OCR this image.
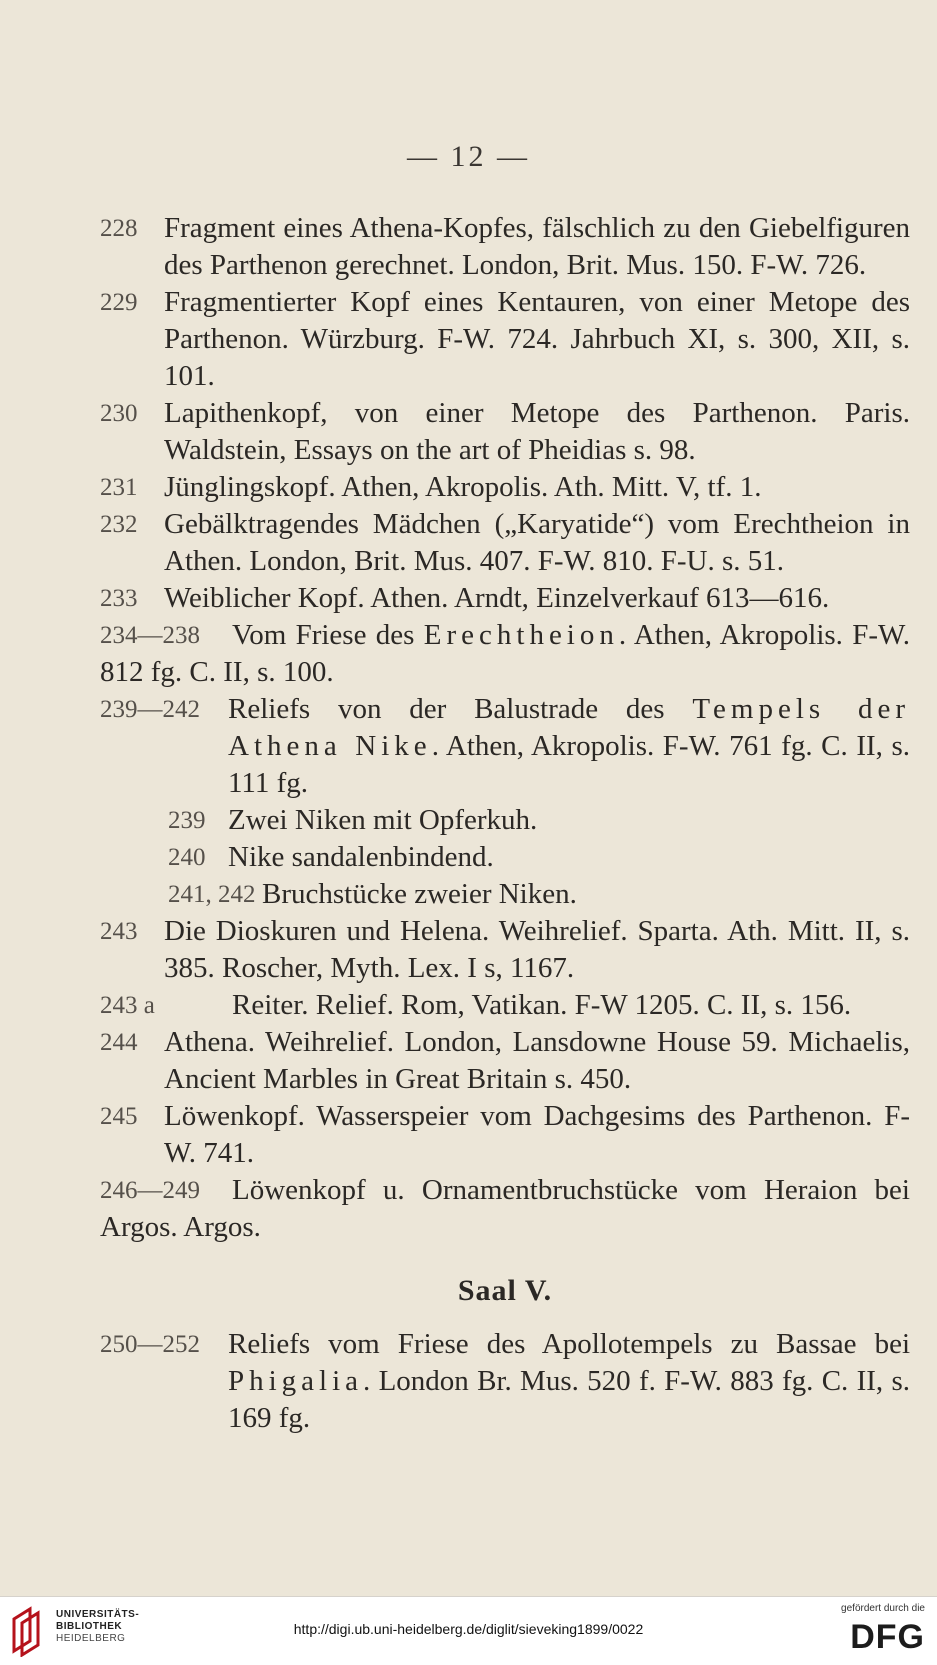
— 12 —
228 Fragment eines Athena-Kopfes, fälschlich zu den Giebelfiguren des Parthenon gerechnet. London, Brit. Mus. 150. F-W. 726.
229 Fragmentierter Kopf eines Kentauren, von einer Metope des Parthenon. Würzburg. F-W. 724. Jahrbuch XI, s. 300, XII, s. 101.
230 Lapithenkopf, von einer Metope des Parthenon. Paris. Waldstein, Essays on the art of Pheidias s. 98.
231 Jünglingskopf. Athen, Akropolis. Ath. Mitt. V, tf. 1.
232 Gebälktragendes Mädchen („Karyatide“) vom Erechtheion in Athen. London, Brit. Mus. 407. F-W. 810. F-U. s. 51.
233 Weiblicher Kopf. Athen. Arndt, Einzelverkauf 613—616.
234—238	Vom Friese des Erechtheion. Athen, Akropolis. F-W. 812 fg. C. II, s. 100.
239—242 Reliefs von der Balustrade des Tempels der Athena Nike. Athen, Akropolis. F-W. 761 fg. C. II, s. 111 fg.
239 Zwei Niken mit Opferkuh.
240 Nike sandalenbindend.
241, 242 Bruchstücke zweier Niken.
243 Die Dioskuren und Helena. Weihrelief. Sparta. Ath. Mitt. II, s. 385. Roscher, Myth. Lex. I s, 1167.
243 a	Reiter. Relief. Rom, Vatikan. F-W 1205. C. II, s. 156.
244 Athena. Weihrelief. London, Lansdowne House 59. Michaelis, Ancient Marbles in Great Britain s. 450.
245 Löwenkopf. Wasserspeier vom Dachgesims des Parthenon. F-W. 741.
246—249	Löwenkopf u. Ornamentbruchstücke vom Heraion bei Argos. Argos.
Saal V.
250—252 Reliefs vom Friese des Apollotempels zu Bassae bei Phigalia. London Br. Mus. 520 f. F-W. 883 fg. C. II, s. 169 fg.
UNIVERSITÄTS-
BIBLIOTHEK
HEIDELBERG
http://digi.ub.uni-heidelberg.de/diglit/sieveking1899/0022
gefördert durch die
DFG
